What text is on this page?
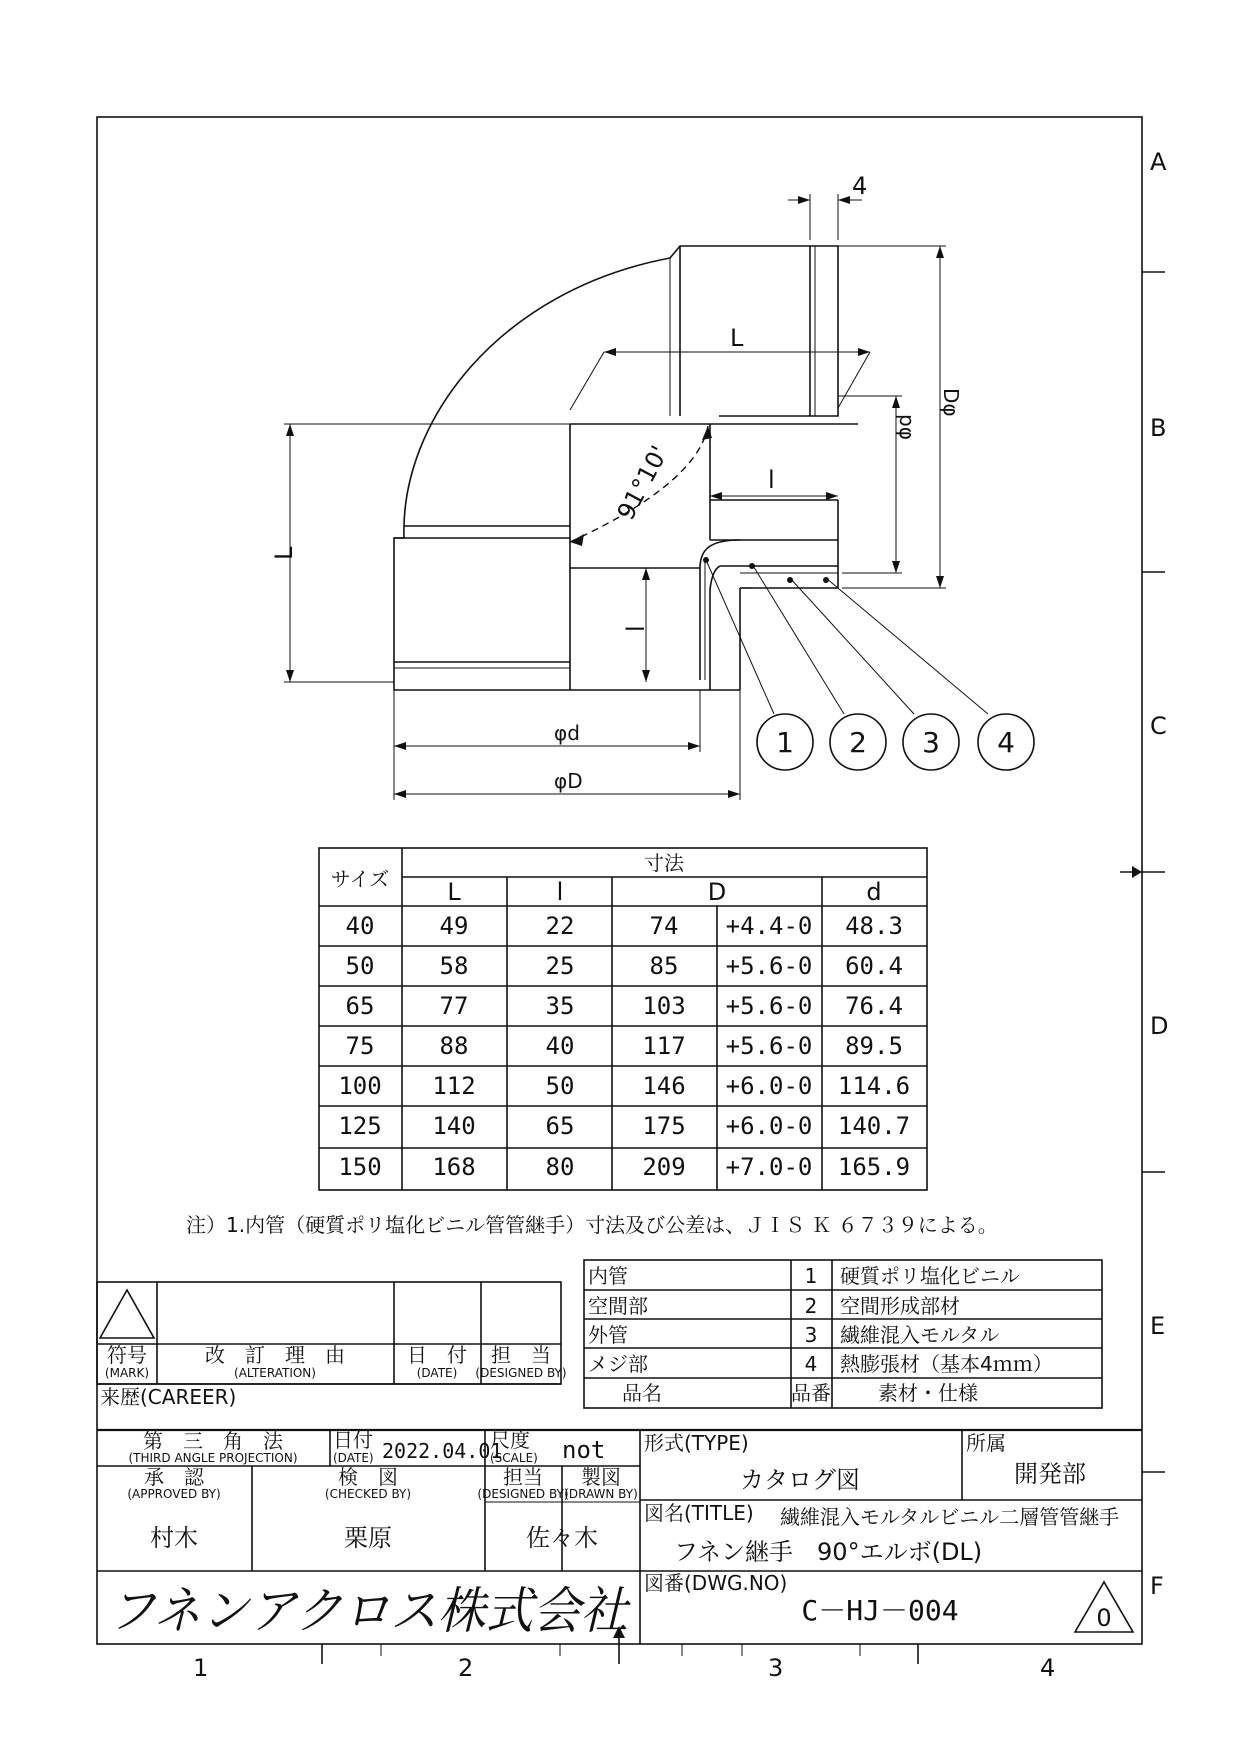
A
B
C
D
E
F
1	2	3	4
91°10'
4
L
l
pφ
Dφ
L
l
φd
φD
1 2 3 4
サイズ
寸法
L	l	D	d
40	49	22	74 +4.4-0 48.3
50	58	25	85 +5.6-0 60.4
65	77	35	103 +5.6-0 76.4
75	88	40	117 +5.6-0 89.5
100 112	50	146 +6.0-0 114.6
125 140	65	175 +6.0-0 140.7
150 168	80	209 +7.0-0 165.9
注）1.内管（硬質ポリ塩化ビニル管管継手）寸法及び公差は、ＪＩＳ Ｋ ６７３９による。
内管	1 硬質ポリ塩化ビニル
空間部	2 空間形成部材
外管	3 繊維混入モルタル
メジ部	4 熱膨張材（基本4ｍｍ）
品名	品番 素材・仕様
符号
(MARK)
改　訂　理　由
(ALTERATION)
日　付
(DATE)
担　当
(DESIGNED BY)
来歴(CAREER)
第　三　角　法
(THIRD ANGLE PROJECTION)
日付
(DATE) 2022.04.01
尺度
(SCALE) not 形式(TYPE)
カタログ図
所属
開発部
承　認
(APPROVED BY)
村木
検　図
(CHECKED BY)
栗原
担当
(DESIGNED BY)
製図
(DRAWN BY)
佐々木
図名(TITLE) 繊維混入モルタルビニル二層管管継手
フネン継手　90°エルボ(DL)
フネンアクロス株式会社 図番(DWG.NO)
C－HJ－004	0
